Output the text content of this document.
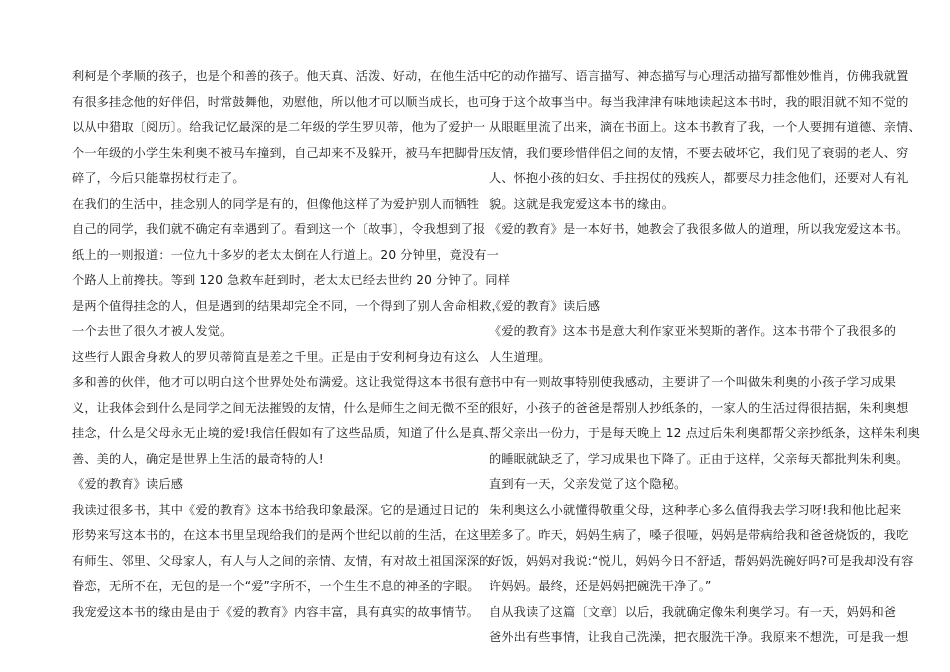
利柯是个孝顺的孩子，也是个和善的孩子。他天真、活泼、好动，在他生活中
有很多挂念他的好伴侣，时常鼓舞他，劝慰他，所以他才可以顺当成长，也可
以从中猎取〔阅历〕。给我记忆最深的是二年级的学生罗贝蒂，他为了爱护一
个一年级的小学生朱利奥不被马车撞到，自己却来不及躲开，被马车把脚骨压
碎了，今后只能靠拐杖行走了。
在我们的生活中，挂念别人的同学是有的，但像他这样了为爱护别人而牺牲
自己的同学，我们就不确定有幸遇到了。看到这一个〔故事〕，令我想到了报
纸上的一则报道：一位九十多岁的老太太倒在人行道上。20 分钟里，竟没有一
个路人上前搀扶。等到 120 急救车赶到时，老太太已经去世约 20 分钟了。同样
是两个值得挂念的人，但是遇到的结果却完全不同，一个得到了别人舍命相救，
一个去世了很久才被人发觉。
这些行人跟舍身救人的罗贝蒂简直是差之千里。正是由于安利柯身边有这么
多和善的伙伴，他才可以明白这个世界处处布满爱。这让我觉得这本书很有意
义，让我体会到什么是同学之间无法摧毁的友情，什么是师生之间无微不至的
挂念，什么是父母永无止境的爱!我信任假如有了这些品质，知道了什么是真、
善、美的人，确定是世界上生活的最奇特的人!
《爱的教育》读后感
我读过很多书，其中《爱的教育》这本书给我印象最深。它的是通过日记的
形势来写这本书的，在这本书里呈现给我们的是两个世纪以前的生活，在这里
有师生、邻里、父母家人，有人与人之间的亲情、友情，有对故土祖国深深的
眷恋，无所不在，无包的是一个“爱”字所不，一个生生不息的神圣的字眼。
我宠爱这本书的缘由是由于《爱的教育》内容丰富，具有真实的故事情节。
它的动作描写、语言描写、神态描写与心理活动描写都惟妙惟肖，仿佛我就置
身于这个故事当中。每当我津津有味地读起这本书时，我的眼泪就不知不觉的
从眼眶里流了出来，滴在书面上。这本书教育了我，一个人要拥有道德、亲情、
友情，我们要珍惜伴侣之间的友情，不要去破坏它，我们见了衰弱的老人、穷
人、怀抱小孩的妇女、手拄拐仗的残疾人，都要尽力挂念他们，还要对人有礼
貌。这就是我宠爱这本书的缘由。
《爱的教育》是一本好书，她教会了我很多做人的道理，所以我宠爱这本书。
《爱的教育》读后感
《爱的教育》这本书是意大利作家亚米契斯的著作。这本书带个了我很多的
人生道理。
书中有一则故事特别使我感动，主要讲了一个叫做朱利奥的小孩子学习成果
很好，小孩子的爸爸是帮别人抄纸条的，一家人的生活过得很拮据，朱利奥想
帮父亲出一份力，于是每天晚上 12 点过后朱利奥都帮父亲抄纸条，这样朱利奥
的睡眠就缺乏了，学习成果也下降了。正由于这样，父亲每天都批判朱利奥。
直到有一天，父亲发觉了这个隐秘。
朱利奥这么小就懂得敬重父母，这种孝心多么值得我去学习呀!我和他比起来
差多了。昨天，妈妈生病了，嗓子很哑，妈妈是带病给我和爸爸烧饭的，我吃
好饭，妈妈对我说:“悦儿，妈妈今日不舒适，帮妈妈洗碗好吗?可是我却没有容
许妈妈。最终，还是妈妈把碗洗干净了。”
自从我读了这篇〔文章〕以后，我就确定像朱利奥学习。有一天，妈妈和爸
爸外出有些事情，让我自己洗澡，把衣服洗干净。我原来不想洗，可是我一想
